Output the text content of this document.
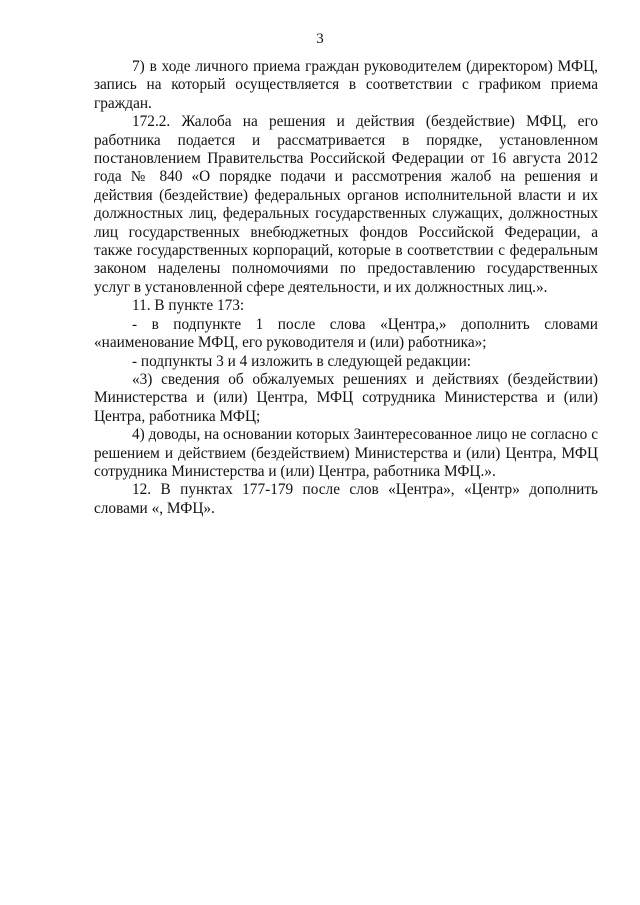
3

7) в ходе личного приема граждан руководителем (директором) МФЦ, запись на который осуществляется в соответствии с графиком приема граждан.

172.2. Жалоба на решения и действия (бездействие) МФЦ, его работника подается и рассматривается в порядке, установленном постановлением Правительства Российской Федерации от 16 августа 2012 года № 840 «О порядке подачи и рассмотрения жалоб на решения и действия (бездействие) федеральных органов исполнительной власти и их должностных лиц, федеральных государственных служащих, должностных лиц государственных внебюджетных фондов Российской Федерации, а также государственных корпораций, которые в соответствии с федеральным законом наделены полномочиями по предоставлению государственных услуг в установленной сфере деятельности, и их должностных лиц.».

11. В пункте 173:

- в подпункте 1 после слова «Центра,» дополнить словами «наименование МФЦ, его руководителя и (или) работника»;

- подпункты 3 и 4 изложить в следующей редакции:

«3) сведения об обжалуемых решениях и действиях (бездействии) Министерства и (или) Центра, МФЦ сотрудника Министерства и (или) Центра, работника МФЦ;

4) доводы, на основании которых Заинтересованное лицо не согласно с решением и действием (бездействием) Министерства и (или) Центра, МФЦ сотрудника Министерства и (или) Центра, работника МФЦ.».

12. В пунктах 177-179 после слов «Центра», «Центр» дополнить словами «, МФЦ».
